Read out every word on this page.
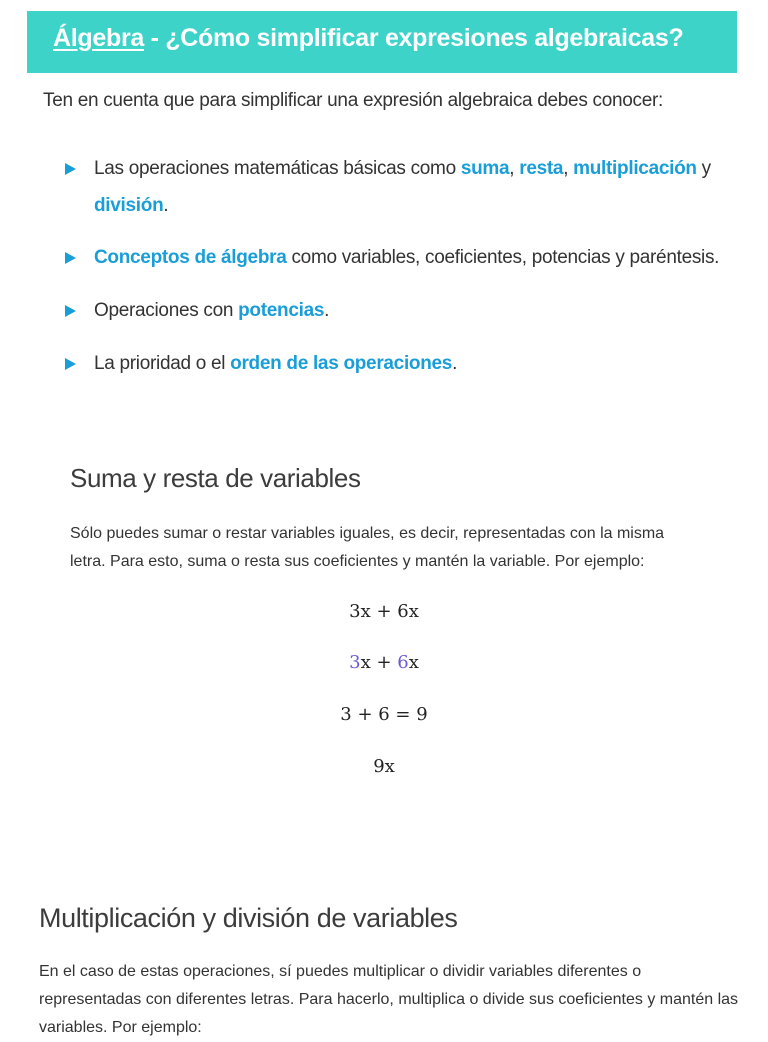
Álgebra - ¿Cómo simplificar expresiones algebraicas?

Ten en cuenta que para simplificar una expresión algebraica debes conocer:

Las operaciones matemáticas básicas como suma, resta, multiplicación y división.
Conceptos de álgebra como variables, coeficientes, potencias y paréntesis.
Operaciones con potencias.
La prioridad o el orden de las operaciones.
Suma y resta de variables

Sólo puedes sumar o restar variables iguales, es decir, representadas con la misma letra. Para esto, suma o resta sus coeficientes y mantén la variable. Por ejemplo:

3x + 6x
3x + 6x
3 + 6 = 9
9x
Multiplicación y división de variables

En el caso de estas operaciones, sí puedes multiplicar o dividir variables diferentes o representadas con diferentes letras. Para hacerlo, multiplica o divide sus coeficientes y mantén las variables. Por ejemplo:
